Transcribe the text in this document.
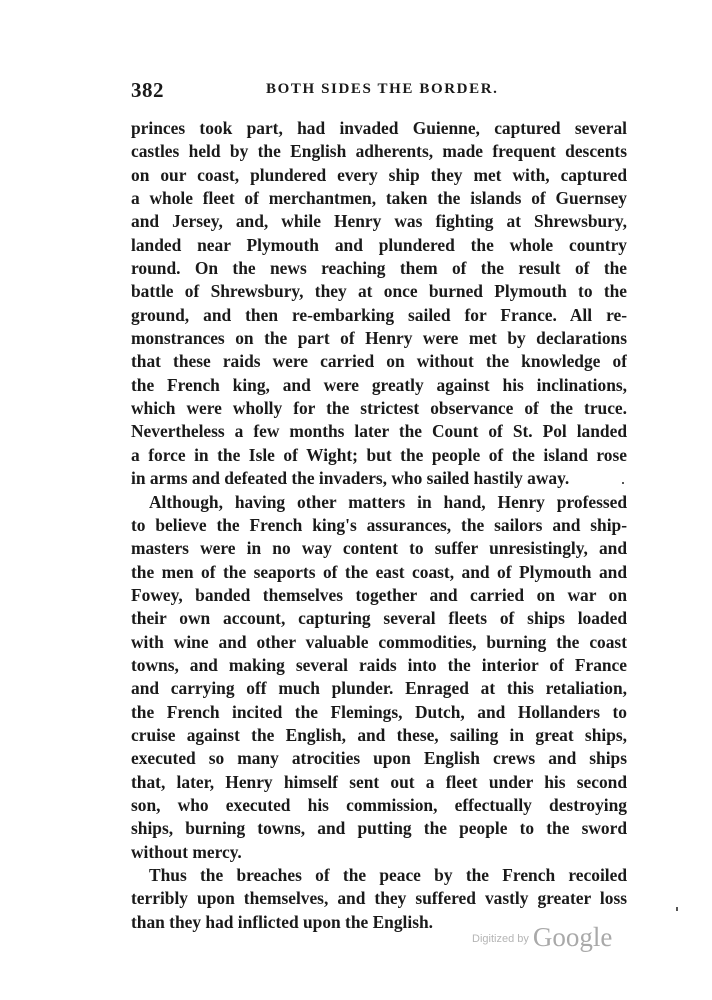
382	BOTH SIDES THE BORDER.
princes took part, had invaded Guienne, captured several
castles held by the English adherents, made frequent descents
on our coast, plundered every ship they met with, captured
a whole fleet of merchantmen, taken the islands of Guernsey
and Jersey, and, while Henry was fighting at Shrewsbury,
landed near Plymouth and plundered the whole country
round. On the news reaching them of the result of the
battle of Shrewsbury, they at once burned Plymouth to the
ground, and then re-embarking sailed for France. All re-
monstrances on the part of Henry were met by declarations
that these raids were carried on without the knowledge of
the French king, and were greatly against his inclinations,
which were wholly for the strictest observance of the truce.
Nevertheless a few months later the Count of St. Pol landed
a force in the Isle of Wight; but the people of the island rose
in arms and defeated the invaders, who sailed hastily away.
Although, having other matters in hand, Henry professed
to believe the French king's assurances, the sailors and ship-
masters were in no way content to suffer unresistingly, and
the men of the seaports of the east coast, and of Plymouth and
Fowey, banded themselves together and carried on war on
their own account, capturing several fleets of ships loaded
with wine and other valuable commodities, burning the coast
towns, and making several raids into the interior of France
and carrying off much plunder. Enraged at this retaliation,
the French incited the Flemings, Dutch, and Hollanders to
cruise against the English, and these, sailing in great ships,
executed so many atrocities upon English crews and ships
that, later, Henry himself sent out a fleet under his second
son, who executed his commission, effectually destroying
ships, burning towns, and putting the people to the sword
without mercy.
Thus the breaches of the peace by the French recoiled
terribly upon themselves, and they suffered vastly greater loss
than they had inflicted upon the English.
$^{Digitized by}$ Google
